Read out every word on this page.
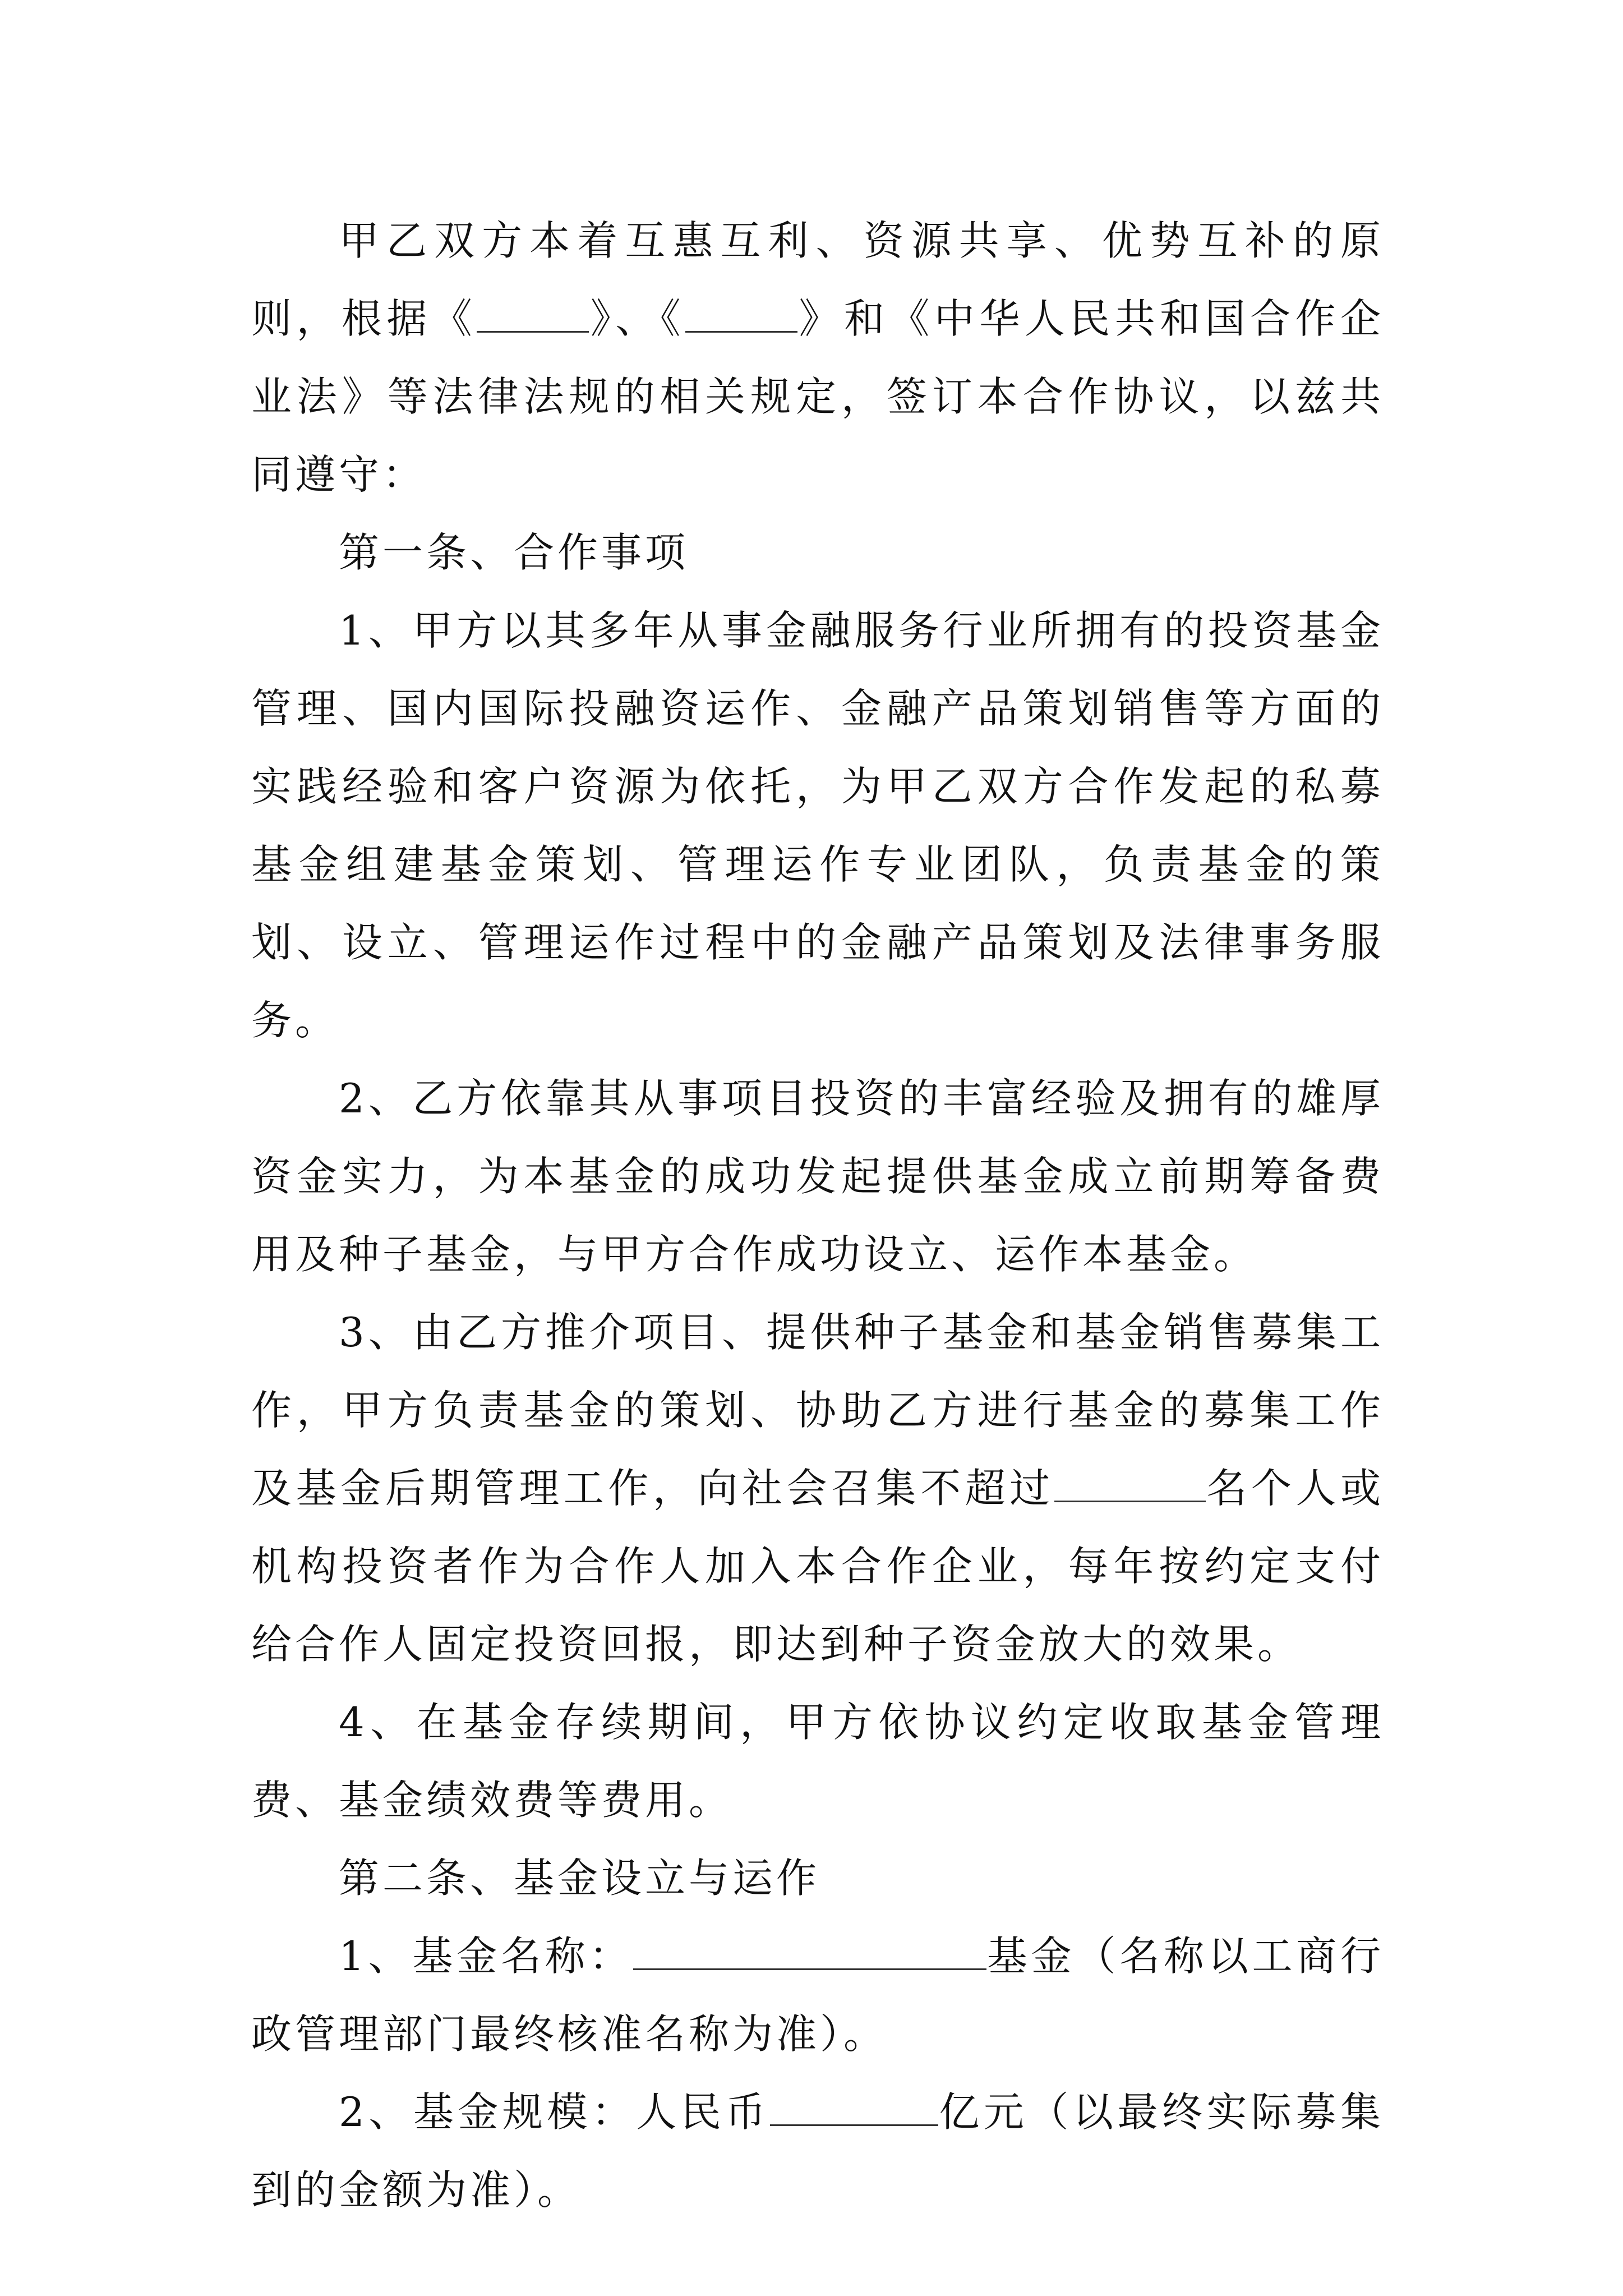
甲乙双方本着互惠互利、资源共享、优势互补的原则，根据《	》、《	》和《中华人民共和国合作企业法》等法律法规的相关规定，签订本合作协议，以兹共同遵守：

第一条、合作事项

1、甲方以其多年从事金融服务行业所拥有的投资基金管理、国内国际投融资运作、金融产品策划销售等方面的实践经验和客户资源为依托，为甲乙双方合作发起的私募基金组建基金策划、管理运作专业团队，负责基金的策划、设立、管理运作过程中的金融产品策划及法律事务服务。

2、乙方依靠其从事项目投资的丰富经验及拥有的雄厚资金实力，为本基金的成功发起提供基金成立前期筹备费用及种子基金，与甲方合作成功设立、运作本基金。

3、由乙方推介项目、提供种子基金和基金销售募集工作，甲方负责基金的策划、协助乙方进行基金的募集工作及基金后期管理工作，向社会召集不超过	名个人或机构投资者作为合作人加入本合作企业，每年按约定支付给合作人固定投资回报，即达到种子资金放大的效果。

4、在基金存续期间，甲方依协议约定收取基金管理费、基金绩效费等费用。

第二条、基金设立与运作

1、基金名称：	基金（名称以工商行政管理部门最终核准名称为准）。

2、基金规模：人民币	亿元（以最终实际募集到的金额为准）。
